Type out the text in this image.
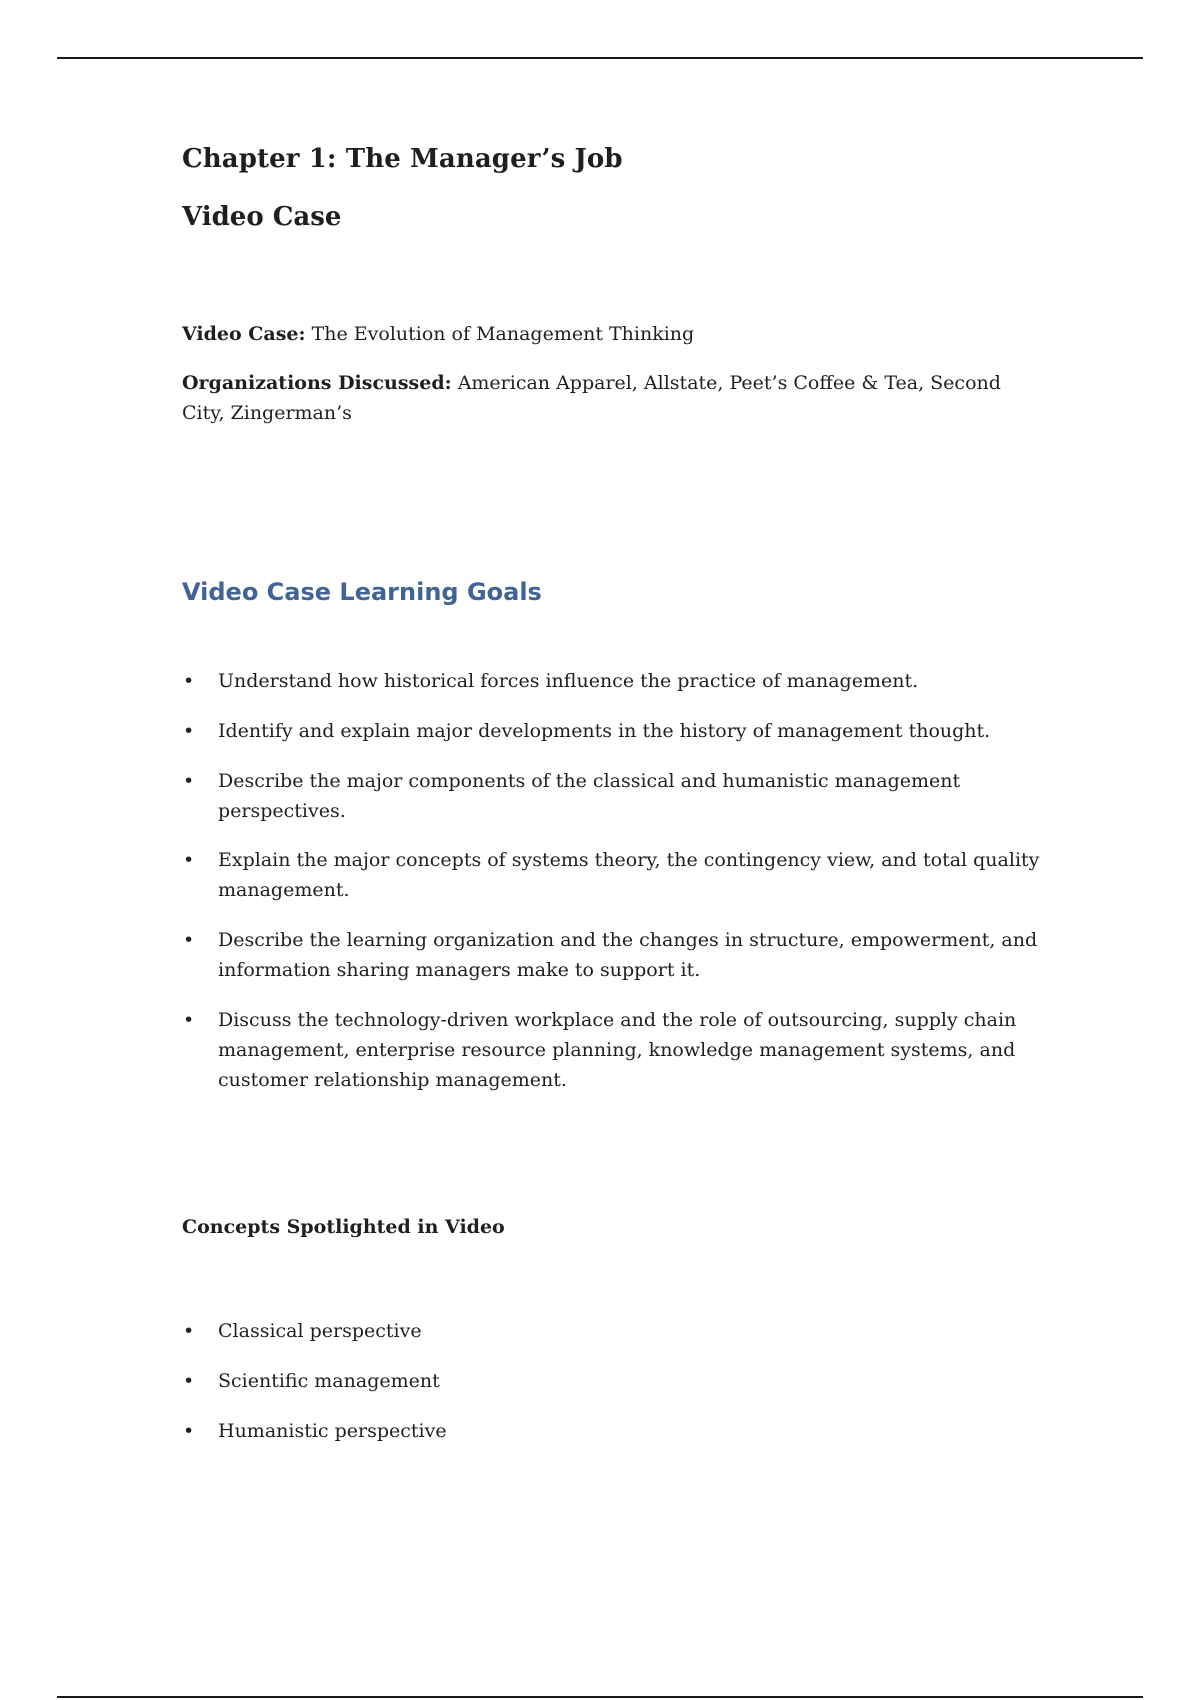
Chapter 1: The Manager’s Job
Video Case

Video Case: The Evolution of Management Thinking

Organizations Discussed: American Apparel, Allstate, Peet’s Coffee & Tea, Second City, Zingerman’s

Video Case Learning Goals
• Understand how historical forces influence the practice of management.
• Identify and explain major developments in the history of management thought.
• Describe the major components of the classical and humanistic management perspectives.
• Explain the major concepts of systems theory, the contingency view, and total quality management.
• Describe the learning organization and the changes in structure, empowerment, and information sharing managers make to support it.
• Discuss the technology-driven workplace and the role of outsourcing, supply chain management, enterprise resource planning, knowledge management systems, and customer relationship management.
Concepts Spotlighted in Video
• Classical perspective
• Scientific management
• Humanistic perspective
